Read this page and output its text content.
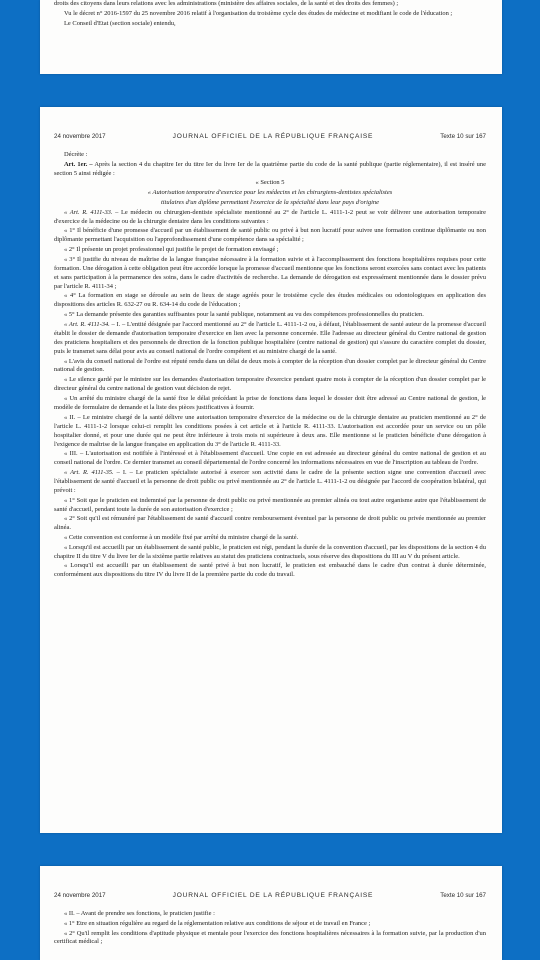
droits des citoyens dans leurs relations avec les administrations (ministère des affaires sociales, de la santé et des droits des femmes) ;

Vu le décret n° 2016-1597 du 25 novembre 2016 relatif à l'organisation du troisième cycle des études de médecine et modifiant le code de l'éducation ;

Le Conseil d'Etat (section sociale) entendu,

24 novembre 2017	JOURNAL OFFICIEL DE LA RÉPUBLIQUE FRANÇAISE	Texte 10 sur 167

Décrète :

Art. 1er. – Après la section 4 du chapitre Ier du titre Ier du livre Ier de la quatrième partie du code de la santé publique (partie réglementaire), il est inséré une section 5 ainsi rédigée :

« Section 5

« Autorisation temporaire d'exercice pour les médecins et les chirurgiens-dentistes spécialistes

titulaires d'un diplôme permettant l'exercice de la spécialité dans leur pays d'origine

« Art. R. 4111-33. – Le médecin ou chirurgien-dentiste spécialiste mentionné au 2° de l'article L. 4111-1-2 peut se voir délivrer une autorisation temporaire d'exercice de la médecine ou de la chirurgie dentaire dans les conditions suivantes :

« 1° Il bénéficie d'une promesse d'accueil par un établissement de santé public ou privé à but non lucratif pour suivre une formation continue diplômante ou non diplômante permettant l'acquisition ou l'approfondissement d'une compétence dans sa spécialité ;

« 2° Il présente un projet professionnel qui justifie le projet de formation envisagé ;

« 3° Il justifie du niveau de maîtrise de la langue française nécessaire à la formation suivie et à l'accomplissement des fonctions hospitalières requises pour cette formation. Une dérogation à cette obligation peut être accordée lorsque la promesse d'accueil mentionne que les fonctions seront exercées sans contact avec les patients et sans participation à la permanence des soins, dans le cadre d'activités de recherche. La demande de dérogation est expressément mentionnée dans le dossier prévu par l'article R. 4111-34 ;

« 4° La formation en stage se déroule au sein de lieux de stage agréés pour le troisième cycle des études médicales ou odontologiques en application des dispositions des articles R. 632-27 ou R. 634-14 du code de l'éducation ;

« 5° La demande présente des garanties suffisantes pour la santé publique, notamment au vu des compétences professionnelles du praticien.

« Art. R. 4111-34. – I. – L'entité désignée par l'accord mentionné au 2° de l'article L. 4111-1-2 ou, à défaut, l'établissement de santé auteur de la promesse d'accueil établit le dossier de demande d'autorisation temporaire d'exercice en lien avec la personne concernée. Elle l'adresse au directeur général du Centre national de gestion des praticiens hospitaliers et des personnels de direction de la fonction publique hospitalière (centre national de gestion) qui s'assure du caractère complet du dossier, puis le transmet sans délai pour avis au conseil national de l'ordre compétent et au ministre chargé de la santé.

« L'avis du conseil national de l'ordre est réputé rendu dans un délai de deux mois à compter de la réception d'un dossier complet par le directeur général du Centre national de gestion.

« Le silence gardé par le ministre sur les demandes d'autorisation temporaire d'exercice pendant quatre mois à compter de la réception d'un dossier complet par le directeur général du centre national de gestion vaut décision de rejet.

« Un arrêté du ministre chargé de la santé fixe le délai précédant la prise de fonctions dans lequel le dossier doit être adressé au Centre national de gestion, le modèle de formulaire de demande et la liste des pièces justificatives à fournir.

« II. – Le ministre chargé de la santé délivre une autorisation temporaire d'exercice de la médecine ou de la chirurgie dentaire au praticien mentionné au 2° de l'article L. 4111-1-2 lorsque celui-ci remplit les conditions posées à cet article et à l'article R. 4111-33. L'autorisation est accordée pour un service ou un pôle hospitalier donné, et pour une durée qui ne peut être inférieure à trois mois ni supérieure à deux ans. Elle mentionne si le praticien bénéficie d'une dérogation à l'exigence de maîtrise de la langue française en application du 3° de l'article R. 4111-33.

« III. – L'autorisation est notifiée à l'intéressé et à l'établissement d'accueil. Une copie en est adressée au directeur général du centre national de gestion et au conseil national de l'ordre. Ce dernier transmet au conseil départemental de l'ordre concerné les informations nécessaires en vue de l'inscription au tableau de l'ordre.

« Art. R. 4111-35. – I. – Le praticien spécialiste autorisé à exercer son activité dans le cadre de la présente section signe une convention d'accueil avec l'établissement de santé d'accueil et la personne de droit public ou privé mentionnée au 2° de l'article L. 4111-1-2 ou désignée par l'accord de coopération bilatéral, qui prévoit :

« 1° Soit que le praticien est indemnisé par la personne de droit public ou privé mentionnée au premier alinéa ou tout autre organisme autre que l'établissement de santé d'accueil, pendant toute la durée de son autorisation d'exercice ;

« 2° Soit qu'il est rémunéré par l'établissement de santé d'accueil contre remboursement éventuel par la personne de droit public ou privée mentionnée au premier alinéa.

« Cette convention est conforme à un modèle fixé par arrêté du ministre chargé de la santé.

« Lorsqu'il est accueilli par un établissement de santé public, le praticien est régi, pendant la durée de la convention d'accueil, par les dispositions de la section 4 du chapitre II du titre V du livre Ier de la sixième partie relatives au statut des praticiens contractuels, sous réserve des dispositions du III au V du présent article.

« Lorsqu'il est accueilli par un établissement de santé privé à but non lucratif, le praticien est embauché dans le cadre d'un contrat à durée déterminée, conformément aux dispositions du titre IV du livre II de la première partie du code du travail.

24 novembre 2017	JOURNAL OFFICIEL DE LA RÉPUBLIQUE FRANÇAISE	Texte 10 sur 167

« II. – Avant de prendre ses fonctions, le praticien justifie :

« 1° Etre en situation régulière au regard de la réglementation relative aux conditions de séjour et de travail en France ;

« 2° Qu'il remplit les conditions d'aptitude physique et mentale pour l'exercice des fonctions hospitalières nécessaires à la formation suivie, par la production d'un certificat médical ;
